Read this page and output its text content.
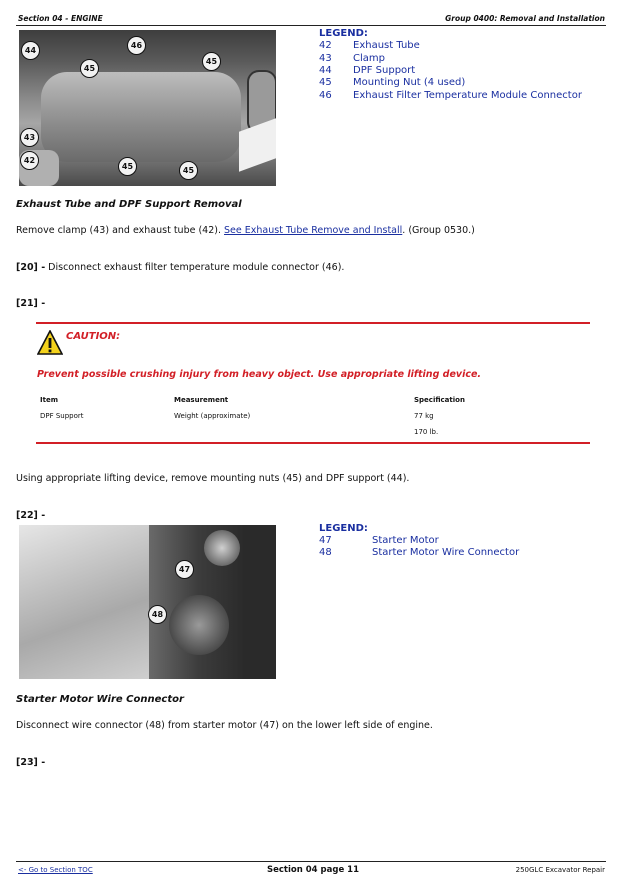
Section 04 - ENGINE	Group 0400: Removal and Installation
44
46
45
45
43
42
45	45
LEGEND:
42 Exhaust Tube
43 Clamp
44 DPF Support
45 Mounting Nut (4 used)
46 Exhaust Filter Temperature Module Connector
Exhaust Tube and DPF Support Removal
Remove clamp (43) and exhaust tube (42). See Exhaust Tube Remove and Install. (Group 0530.)
[20] - Disconnect exhaust filter temperature module connector (46).
[21] -
CAUTION:
Prevent possible crushing injury from heavy object. Use appropriate lifting device.
Item	Measurement	Specification
DPF Support	Weight (approximate)	77 kg
170 lb.
Using appropriate lifting device, remove mounting nuts (45) and DPF support (44).
[22] -
47
48
LEGEND:
47	Starter Motor
48	Starter Motor Wire Connector
Starter Motor Wire Connector
Disconnect wire connector (48) from starter motor (47) on the lower left side of engine.
[23] -
<- Go to Section TOC	Section 04 page 11	250GLC Excavator Repair
